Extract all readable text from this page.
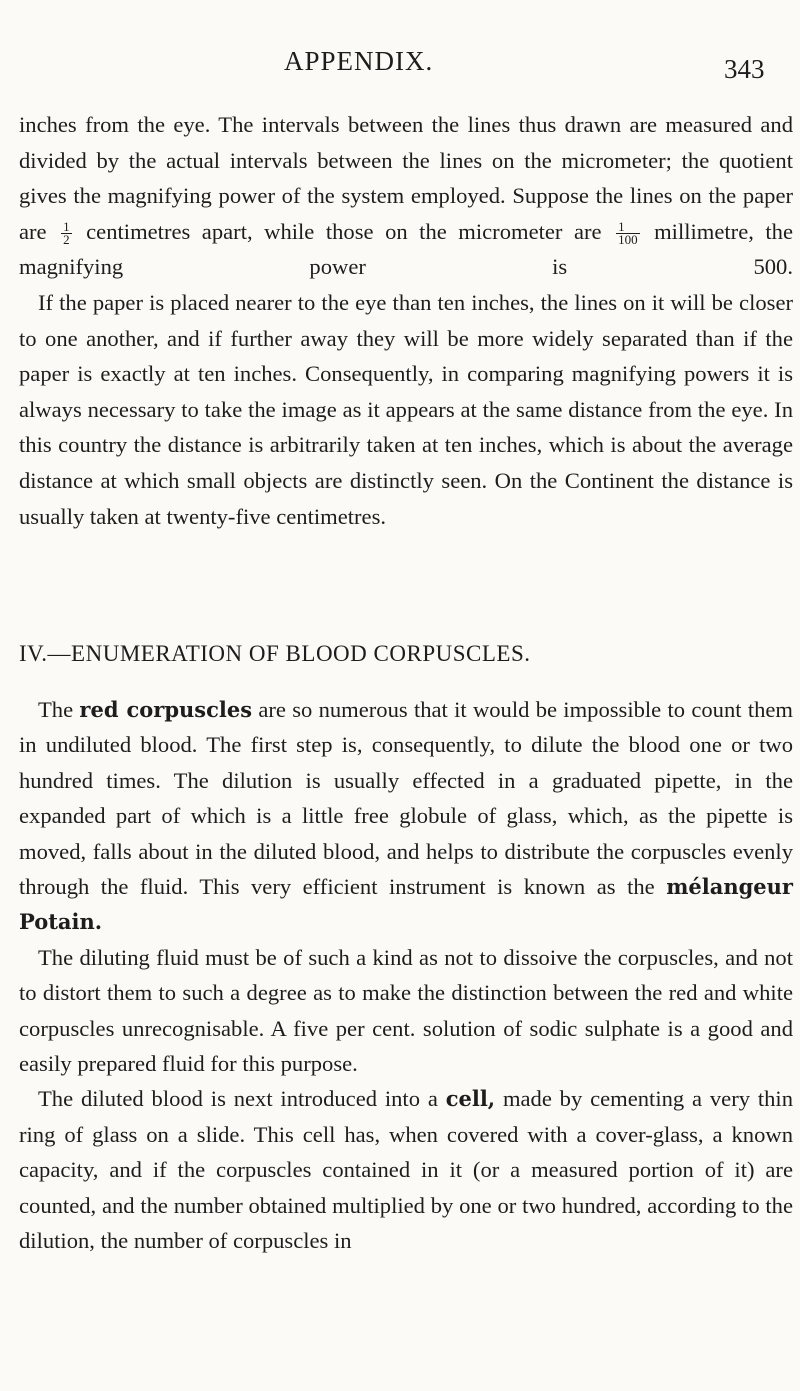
APPENDIX.	343

inches from the eye. The intervals between the lines thus drawn are measured and divided by the actual intervals between the lines on the micrometer; the quotient gives the magnifying power of the system employed. Suppose the lines on the paper are $\frac{1}{2}$ centimetres apart, while those on the micrometer are $\frac{1}{100}$ millimetre, the magnifying power is 500.

If the paper is placed nearer to the eye than ten inches, the lines on it will be closer to one another, and if further away they will be more widely separated than if the paper is exactly at ten inches. Consequently, in comparing magnifying powers it is always necessary to take the image as it appears at the same distance from the eye. In this country the distance is arbitrarily taken at ten inches, which is about the average distance at which small objects are distinctly seen. On the Continent the distance is usually taken at twenty-five centimetres.

IV.—ENUMERATION OF BLOOD CORPUSCLES.

The red corpuscles are so numerous that it would be impossible to count them in undiluted blood. The first step is, consequently, to dilute the blood one or two hundred times. The dilution is usually effected in a graduated pipette, in the expanded part of which is a little free globule of glass, which, as the pipette is moved, falls about in the diluted blood, and helps to distribute the corpuscles evenly through the fluid. This very efficient instrument is known as the mélangeur Potain.

The diluting fluid must be of such a kind as not to dissoive the corpuscles, and not to distort them to such a degree as to make the distinction between the red and white corpuscles unrecognisable. A five per cent. solution of sodic sulphate is a good and easily prepared fluid for this purpose.

The diluted blood is next introduced into a cell, made by cementing a very thin ring of glass on a slide. This cell has, when covered with a cover-glass, a known capacity, and if the corpuscles contained in it (or a measured portion of it) are counted, and the number obtained multiplied by one or two hundred, according to the dilution, the number of corpuscles in
